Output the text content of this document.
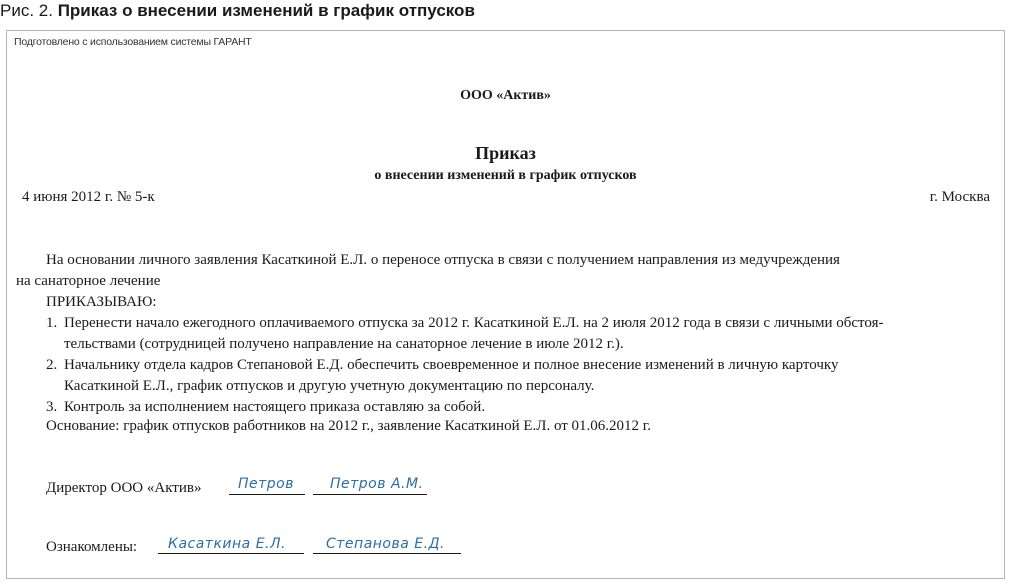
Рис. 2. Приказ о внесении изменений в график отпусков
Подготовлено с использованием системы ГАРАНТ
ООО «Актив»
Приказ
о внесении изменений в график отпусков
4 июня 2012 г. № 5-к	г. Москва
На основании личного заявления Касаткиной Е.Л. о переносе отпуска в связи с получением направления из медучреждения
на санаторное лечение
ПРИКАЗЫВАЮ:
1. Перенести начало ежегодного оплачиваемого отпуска за 2012 г. Касаткиной Е.Л. на 2 июля 2012 года в связи с личными обстоя-
тельствами (сотрудницей получено направление на санаторное лечение в июле 2012 г.).
2. Начальнику отдела кадров Степановой Е.Д. обеспечить своевременное и полное внесение изменений в личную карточку
Касаткиной Е.Л., график отпусков и другую учетную документацию по персоналу.
3. Контроль за исполнением настоящего приказа оставляю за собой.
Основание: график отпусков работников на 2012 г., заявление Касаткиной Е.Л. от 01.06.2012 г.
Директор ООО «Актив»	Петров	Петров А.М.
Ознакомлены: Касаткина Е.Л.	Степанова Е.Д.
